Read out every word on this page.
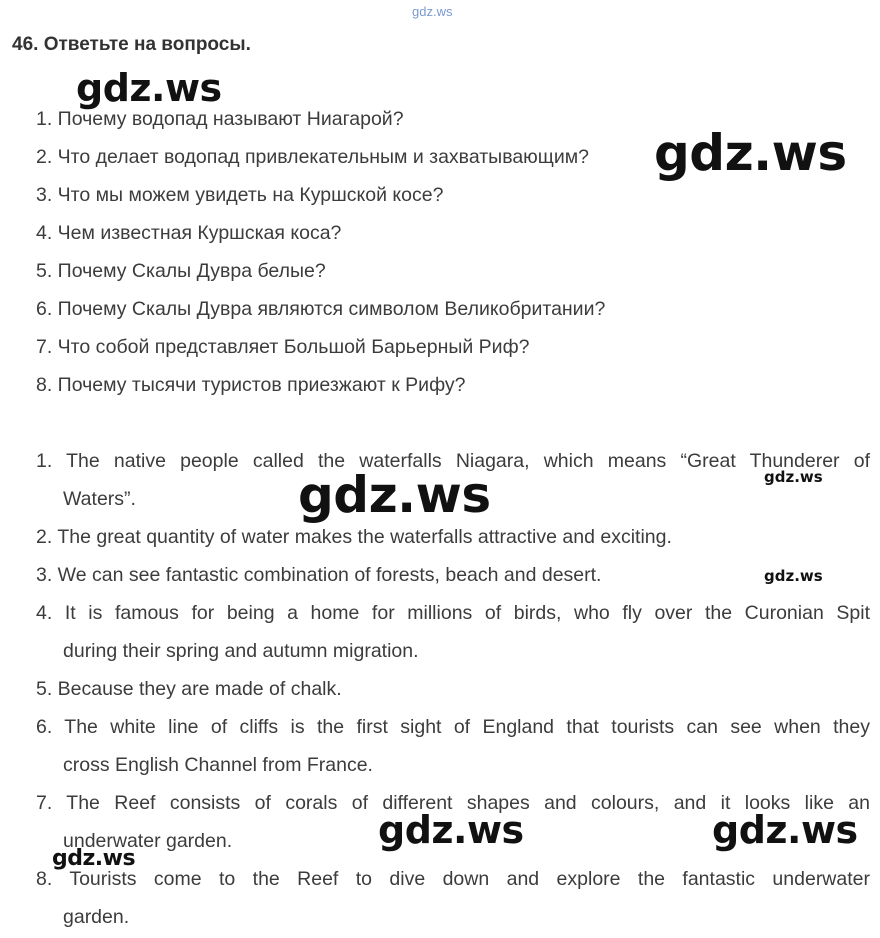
gdz.ws
46. Ответьте на вопросы.
1. Почему водопад называют Ниагарой?
2. Что делает водопад привлекательным и захватывающим?
3. Что мы можем увидеть на Куршской косе?
4. Чем известная Куршская коса?
5. Почему Скалы Дувра белые?
6. Почему Скалы Дувра являются символом Великобритании?
7. Что собой представляет Большой Барьерный Риф?
8. Почему тысячи туристов приезжают к Рифу?
1. The native people called the waterfalls Niagara, which means “Great Thunderer of
Waters”.
2. The great quantity of water makes the waterfalls attractive and exciting.
3. We can see fantastic combination of forests, beach and desert.
4. It is famous for being a home for millions of birds, who fly over the Curonian Spit
during their spring and autumn migration.
5. Because they are made of chalk.
6. The white line of cliffs is the first sight of England that tourists can see when they
cross English Channel from France.
7. The Reef consists of corals of different shapes and colours, and it looks like an
underwater garden.
8. Tourists come to the Reef to dive down and explore the fantastic underwater
garden.
gdz.ws
gdz.ws
gdz.ws	gdz.ws
gdz.ws
gdz.ws	gdz.ws
gdz.ws
